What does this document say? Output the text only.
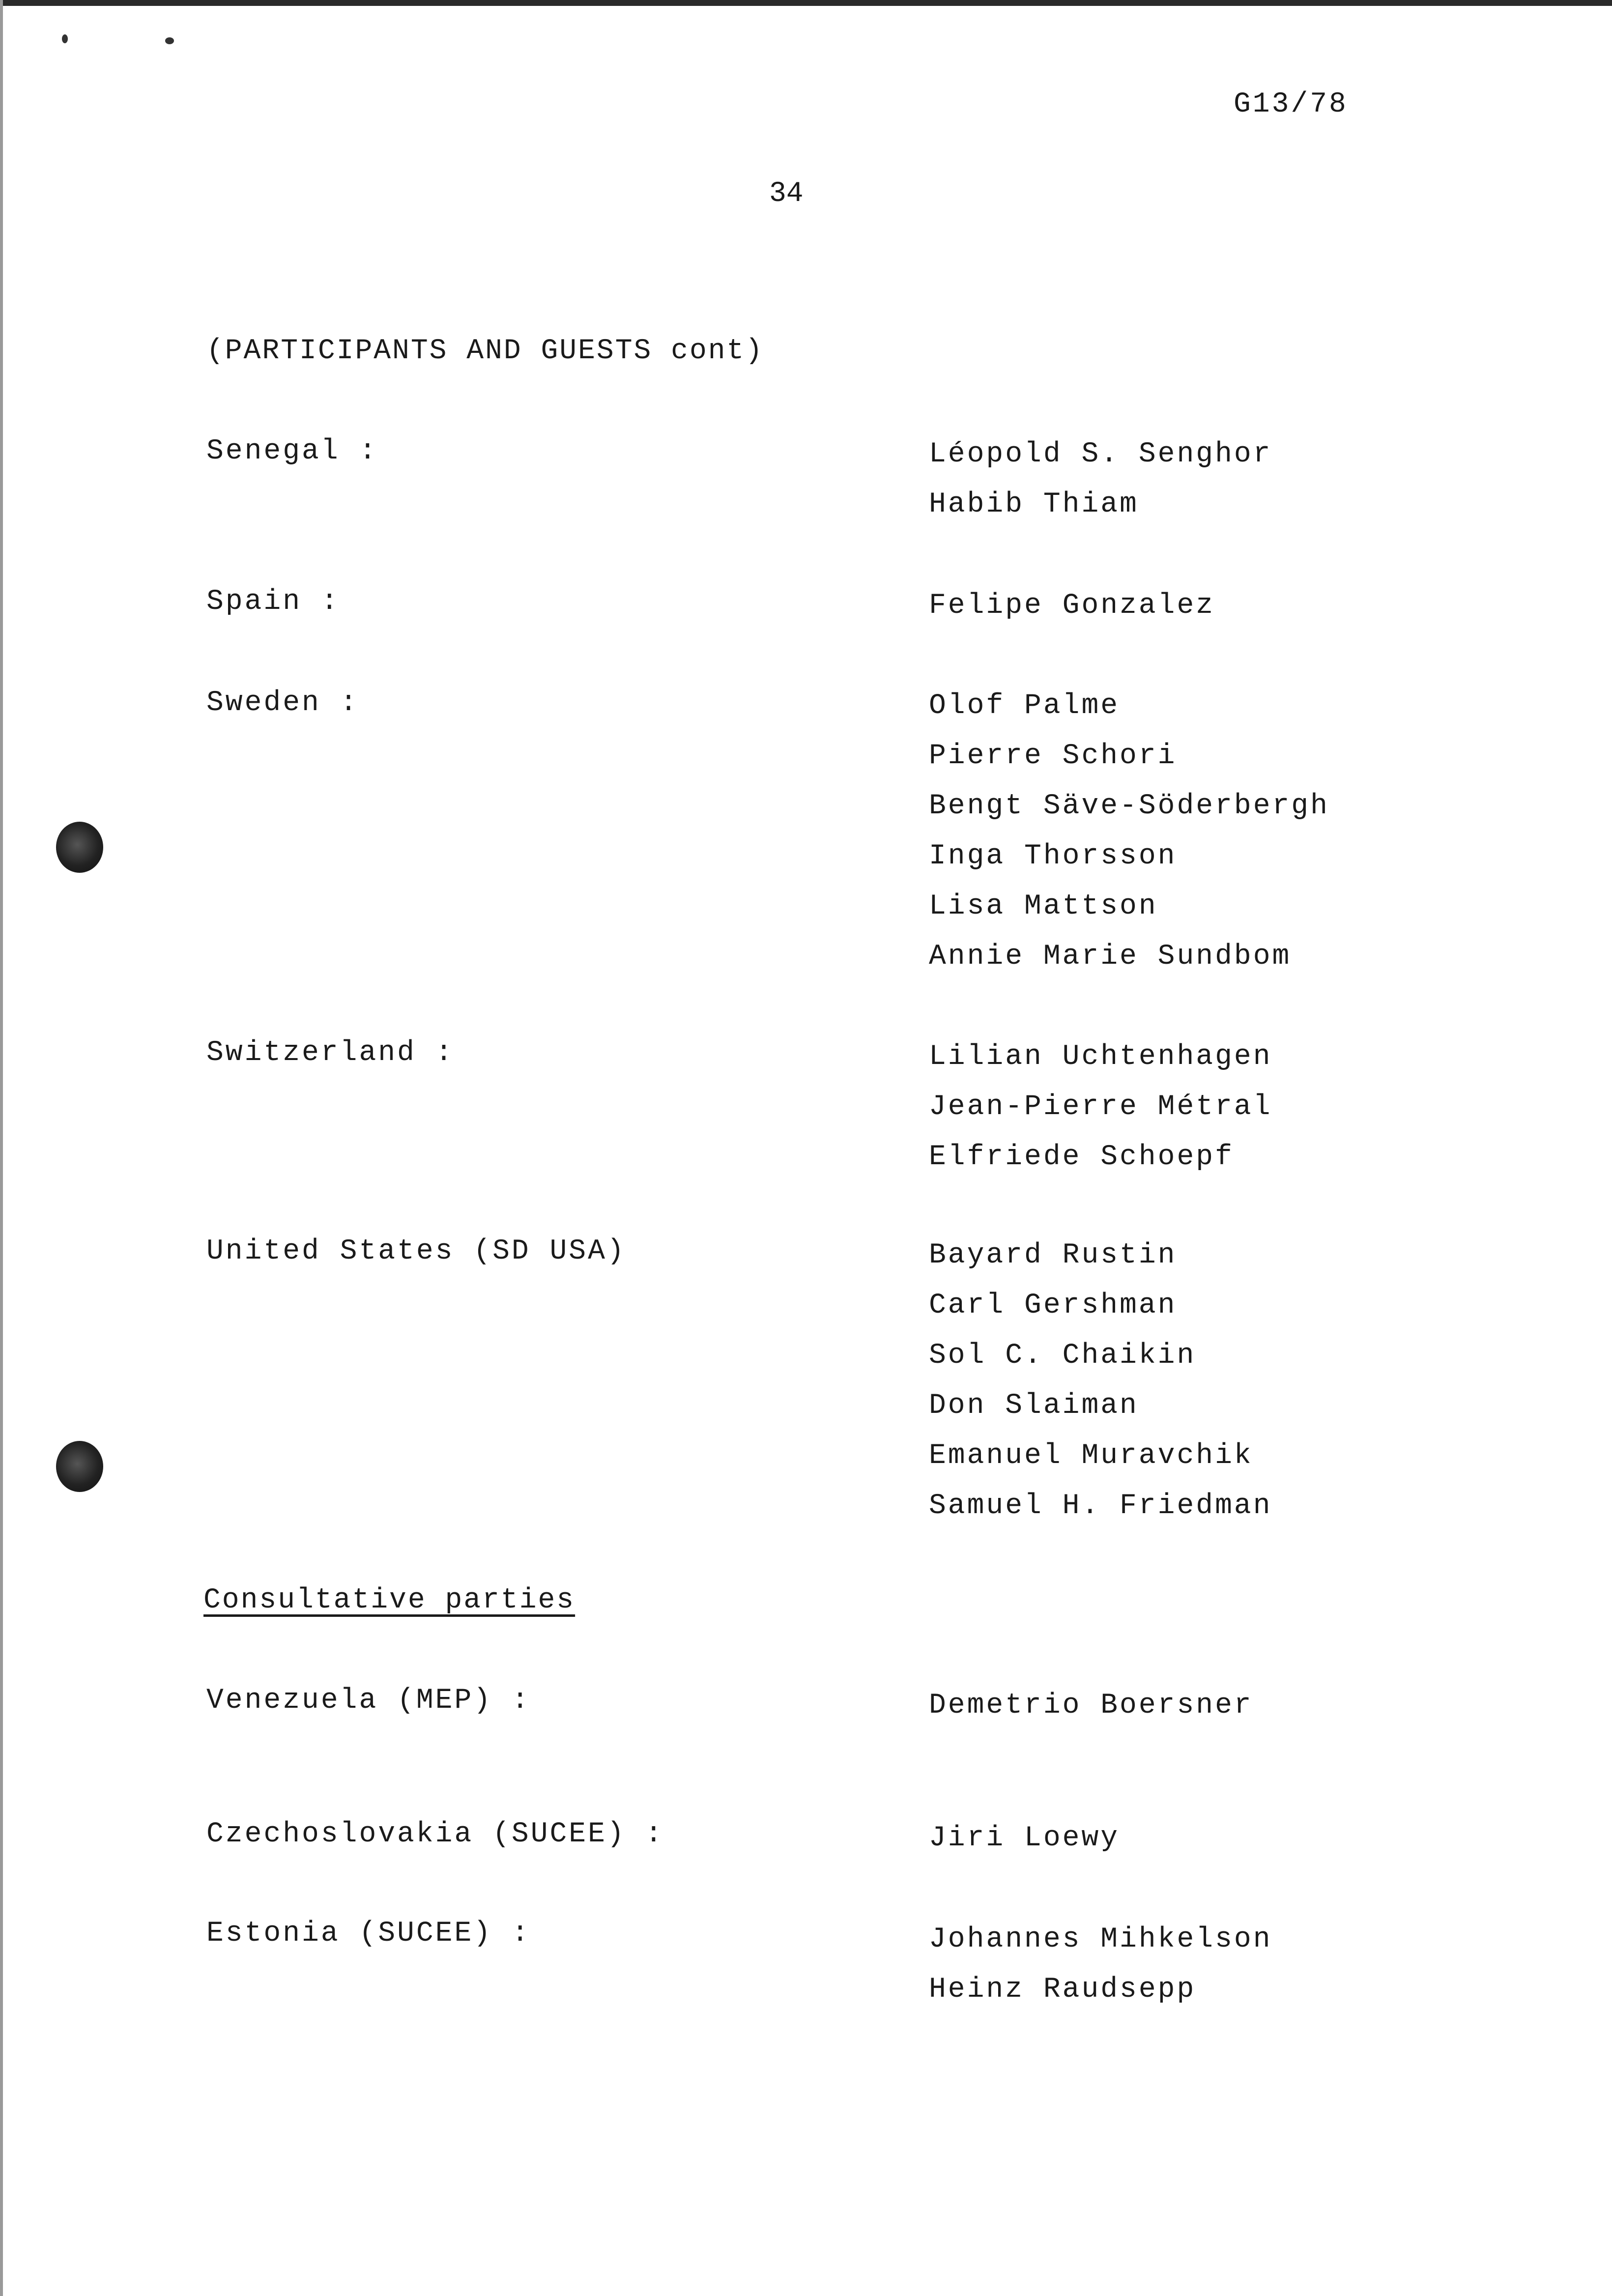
G13/78
34
(PARTICIPANTS AND GUESTS cont)
Senegal :	Léopold S. Senghor
Habib Thiam
Spain :	Felipe Gonzalez
Sweden :	Olof Palme
Pierre Schori
Bengt Säve-Söderbergh
Inga Thorsson
Lisa Mattson
Annie Marie Sundbom
Switzerland :	Lilian Uchtenhagen
Jean-Pierre Métral
Elfriede Schoepf
United States (SD USA)	Bayard Rustin
Carl Gershman
Sol C. Chaikin
Don Slaiman
Emanuel Muravchik
Samuel H. Friedman
Consultative parties
Venezuela (MEP) :	Demetrio Boersner
Czechoslovakia (SUCEE) :	Jiri Loewy
Estonia (SUCEE) :	Johannes Mihkelson
Heinz Raudsepp
